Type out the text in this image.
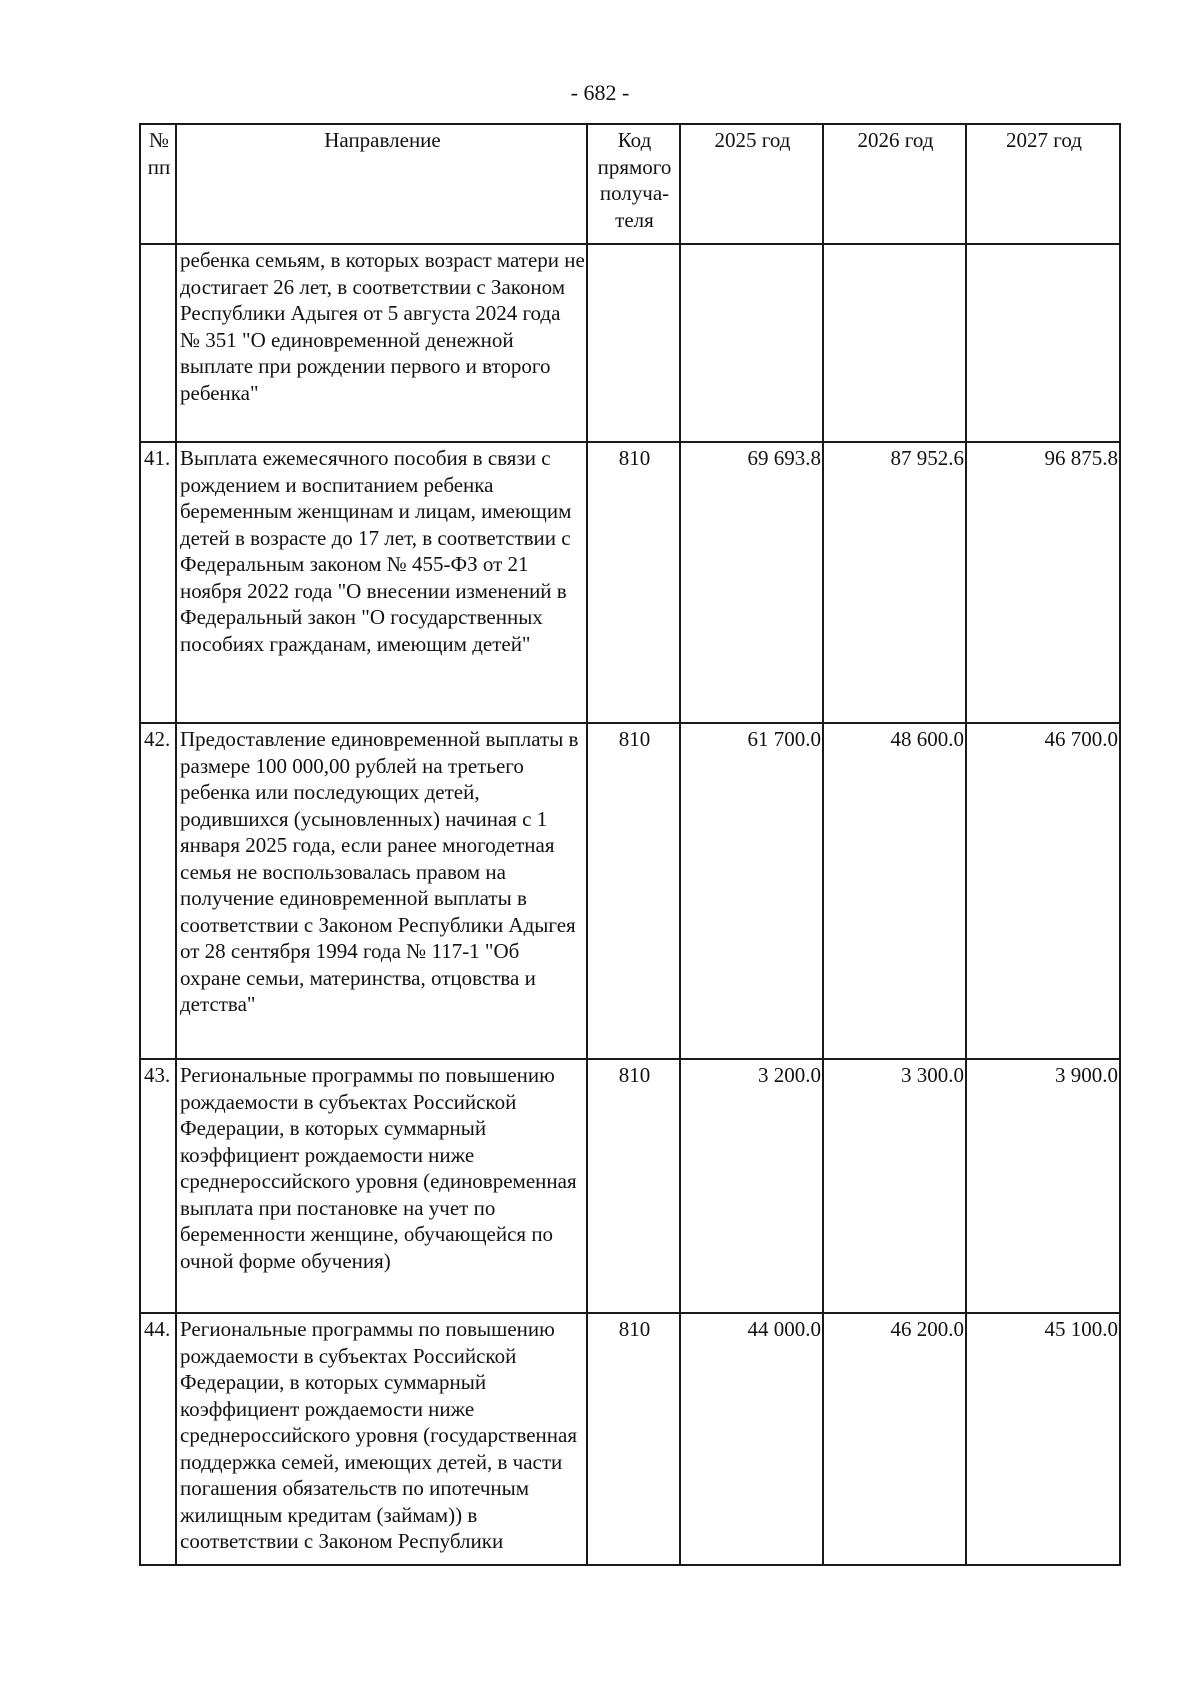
- 682 -
№ пп	Направление	Код прямого получа-теля	2025 год	2026 год	2027 год
	ребенка семьям, в которых возраст матери не достигает 26 лет, в соответствии с Законом Республики Адыгея от 5 августа 2024 года № 351 "О единовременной денежной выплате при рождении первого и второго ребенка"				
41.	Выплата ежемесячного пособия в связи с рождением и воспитанием ребенка беременным женщинам и лицам, имеющим детей в возрасте до 17 лет, в соответствии с Федеральным законом № 455-ФЗ от 21 ноября 2022 года "О внесении изменений в Федеральный закон "О государственных пособиях гражданам, имеющим детей"	810	69 693.8	87 952.6	96 875.8
42.	Предоставление единовременной выплаты в размере 100 000,00 рублей на третьего ребенка или последующих детей, родившихся (усыновленных) начиная с 1 января 2025 года, если ранее многодетная семья не воспользовалась правом на получение единовременной выплаты в соответствии с Законом Республики Адыгея от 28 сентября 1994 года № 117-1 "Об охране семьи, материнства, отцовства и детства"	810	61 700.0	48 600.0	46 700.0
43.	Региональные программы по повышению рождаемости в субъектах Российской Федерации, в которых суммарный коэффициент рождаемости ниже среднероссийского уровня (единовременная выплата при постановке на учет по беременности женщине, обучающейся по очной форме обучения)	810	3 200.0	3 300.0	3 900.0
44.	Региональные программы по повышению рождаемости в субъектах Российской Федерации, в которых суммарный коэффициент рождаемости ниже среднероссийского уровня (государственная поддержка семей, имеющих детей, в части погашения обязательств по ипотечным жилищным кредитам (займам)) в соответствии с Законом Республики	810	44 000.0	46 200.0	45 100.0
